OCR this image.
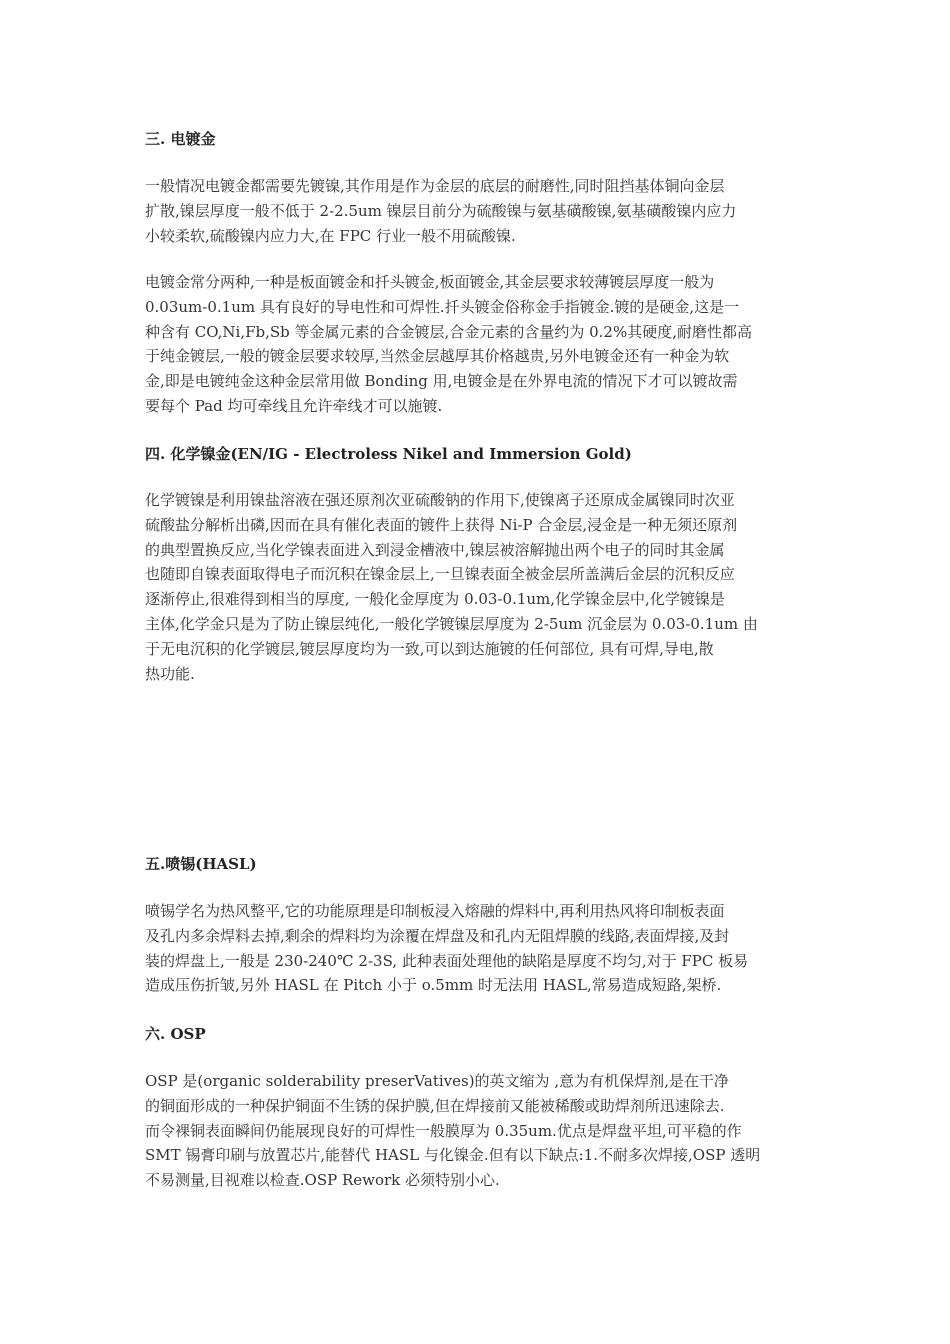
三. 电镀金
一般情况电镀金都需要先镀镍,其作用是作为金层的底层的耐磨性,同时阻挡基体铜向金层
扩散,镍层厚度一般不低于 2-2.5um 镍层目前分为硫酸镍与氨基磺酸镍,氨基磺酸镍内应力
小较柔软,硫酸镍内应力大,在 FPC 行业一般不用硫酸镍.
电镀金常分两种,一种是板面镀金和扦头镀金,板面镀金,其金层要求较薄镀层厚度一般为
0.03um-0.1um 具有良好的导电性和可焊性.扦头镀金俗称金手指镀金.镀的是硬金,这是一
种含有 CO,Ni,Fb,Sb 等金属元素的合金镀层,合金元素的含量约为 0.2%其硬度,耐磨性都高
于纯金镀层,一般的镀金层要求较厚,当然金层越厚其价格越贵,另外电镀金还有一种金为软
金,即是电镀纯金这种金层常用做 Bonding 用,电镀金是在外界电流的情况下才可以镀故需
要每个 Pad 均可牵线且允许牵线才可以施镀.
四. 化学镍金(EN/IG - Electroless Nikel and Immersion Gold)
化学镀镍是利用镍盐溶液在强还原剂次亚硫酸钠的作用下,使镍离子还原成金属镍同时次亚
硫酸盐分解析出磷,因而在具有催化表面的镀件上获得 Ni-P 合金层,浸金是一种无须还原剂
的典型置换反应,当化学镍表面进入到浸金槽液中,镍层被溶解抛出两个电子的同时其金属
也随即自镍表面取得电子而沉积在镍金层上,一旦镍表面全被金层所盖满后金层的沉积反应
逐渐停止,很难得到相当的厚度, 一般化金厚度为 0.03-0.1um,化学镍金层中,化学镀镍是
主体,化学金只是为了防止镍层纯化,一般化学镀镍层厚度为 2-5um 沉金层为 0.03-0.1um 由
于无电沉积的化学镀层,镀层厚度均为一致,可以到达施镀的任何部位, 具有可焊,导电,散
热功能.
五.喷锡(HASL)
喷锡学名为热风整平,它的功能原理是印制板浸入熔融的焊料中,再利用热风将印制板表面
及孔内多余焊料去掉,剩余的焊料均为涂覆在焊盘及和孔内无阻焊膜的线路,表面焊接,及封
装的焊盘上,一般是 230-240℃ 2-3S, 此种表面处理他的缺陷是厚度不均匀,对于 FPC 板易
造成压伤折皱,另外 HASL 在 Pitch 小于 o.5mm 时无法用 HASL,常易造成短路,架桥.
六. OSP
OSP 是(organic solderability preserVatives)的英文缩为 ,意为有机保焊剂,是在干净
的铜面形成的一种保护铜面不生锈的保护膜,但在焊接前又能被稀酸或助焊剂所迅速除去.
而令裸铜表面瞬间仍能展现良好的可焊性一般膜厚为 0.35um.优点是焊盘平坦,可平稳的作
SMT 锡膏印刷与放置芯片,能替代 HASL 与化镍金.但有以下缺点:1.不耐多次焊接,OSP 透明
不易测量,目视难以检查.OSP Rework 必须特别小心.
